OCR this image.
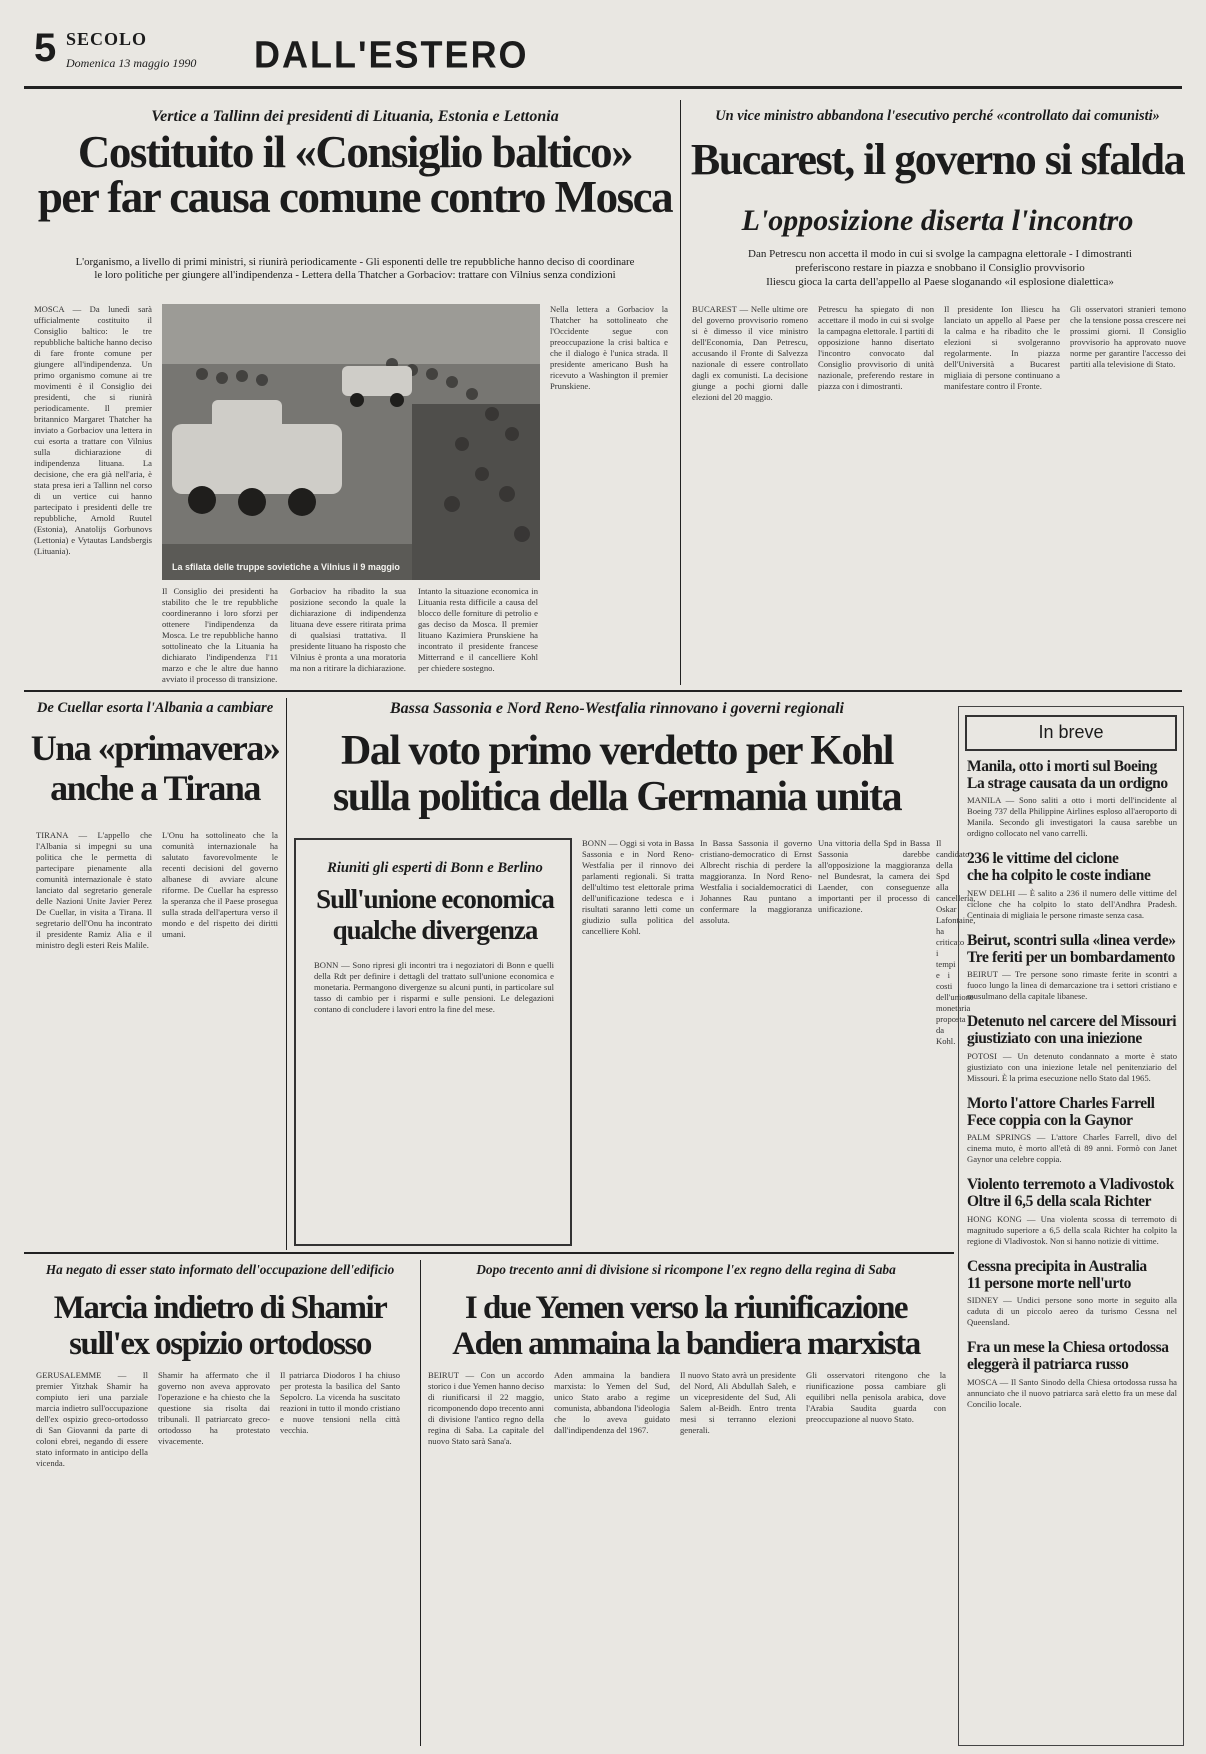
5 SECOLO
Domenica 13 maggio 1990 DALL'ESTERO
Vertice a Tallinn dei presidenti di Lituania, Estonia e Lettonia
Costituito il «Consiglio baltico»
per far causa comune contro Mosca
L'organismo, a livello di primi ministri, si riunirà periodicamente - Gli esponenti delle tre repubbliche hanno deciso di coordinare
le loro politiche per giungere all'indipendenza - Lettera della Thatcher a Gorbaciov: trattare con Vilnius senza condizioni
MOSCA — Da lunedì sarà ufficialmente costituito il Consiglio baltico: le tre repubbliche baltiche hanno deciso di fare fronte comune per giungere all'indipendenza. Un primo organismo comune ai tre movimenti è il Consiglio dei presidenti, che si riunirà periodicamente. Il premier britannico Margaret Thatcher ha inviato a Gorbaciov una lettera in cui esorta a trattare con Vilnius sulla dichiarazione di indipendenza lituana. La decisione, che era già nell'aria, è stata presa ieri a Tallinn nel corso di un vertice cui hanno partecipato i presidenti delle tre repubbliche, Arnold Ruutel (Estonia), Anatolijs Gorbunovs (Lettonia) e Vytautas Landsbergis (Lituania).
La sfilata delle truppe sovietiche a Vilnius il 9 maggio
Il Consiglio dei presidenti ha stabilito che le tre repubbliche coordineranno i loro sforzi per ottenere l'indipendenza da Mosca. Le tre repubbliche hanno sottolineato che la Lituania ha dichiarato l'indipendenza l'11 marzo e che le altre due hanno avviato il processo di transizione.
Gorbaciov ha ribadito la sua posizione secondo la quale la dichiarazione di indipendenza lituana deve essere ritirata prima di qualsiasi trattativa. Il presidente lituano ha risposto che Vilnius è pronta a una moratoria ma non a ritirare la dichiarazione.
Intanto la situazione economica in Lituania resta difficile a causa del blocco delle forniture di petrolio e gas deciso da Mosca. Il premier lituano Kazimiera Prunskiene ha incontrato il presidente francese Mitterrand e il cancelliere Kohl per chiedere sostegno.
Nella lettera a Gorbaciov la Thatcher ha sottolineato che l'Occidente segue con preoccupazione la crisi baltica e che il dialogo è l'unica strada. Il presidente americano Bush ha ricevuto a Washington il premier Prunskiene.
Un vice ministro abbandona l'esecutivo perché «controllato dai comunisti»
Bucarest, il governo si sfalda
L'opposizione diserta l'incontro
Dan Petrescu non accetta il modo in cui si svolge la campagna elettorale - I dimostranti
preferiscono restare in piazza e snobbano il Consiglio provvisorio
Iliescu gioca la carta dell'appello al Paese sloganando «il esplosione dialettica»
BUCAREST — Nelle ultime ore del governo provvisorio romeno si è dimesso il vice ministro dell'Economia, Dan Petrescu, accusando il Fronte di Salvezza nazionale di essere controllato dagli ex comunisti. La decisione giunge a pochi giorni dalle elezioni del 20 maggio.
Petrescu ha spiegato di non accettare il modo in cui si svolge la campagna elettorale. I partiti di opposizione hanno disertato l'incontro convocato dal Consiglio provvisorio di unità nazionale, preferendo restare in piazza con i dimostranti.
Il presidente Ion Iliescu ha lanciato un appello al Paese per la calma e ha ribadito che le elezioni si svolgeranno regolarmente. In piazza dell'Università a Bucarest migliaia di persone continuano a manifestare contro il Fronte.
Gli osservatori stranieri temono che la tensione possa crescere nei prossimi giorni. Il Consiglio provvisorio ha approvato nuove norme per garantire l'accesso dei partiti alla televisione di Stato.
De Cuellar esorta l'Albania a cambiare
Una «primavera»
anche a Tirana
TIRANA — L'appello che l'Albania si impegni su una politica che le permetta di partecipare pienamente alla comunità internazionale è stato lanciato dal segretario generale delle Nazioni Unite Javier Perez De Cuellar, in visita a Tirana. Il segretario dell'Onu ha incontrato il presidente Ramiz Alia e il ministro degli esteri Reis Malile.
L'Onu ha sottolineato che la comunità internazionale ha salutato favorevolmente le recenti decisioni del governo albanese di avviare alcune riforme. De Cuellar ha espresso la speranza che il Paese prosegua sulla strada dell'apertura verso il mondo e del rispetto dei diritti umani.
Bassa Sassonia e Nord Reno-Westfalia rinnovano i governi regionali
Dal voto primo verdetto per Kohl
sulla politica della Germania unita
Riuniti gli esperti di Bonn e Berlino
Sull'unione economica
qualche divergenza
BONN — Sono ripresi gli incontri tra i negoziatori di Bonn e quelli della Rdt per definire i dettagli del trattato sull'unione economica e monetaria. Permangono divergenze su alcuni punti, in particolare sul tasso di cambio per i risparmi e sulle pensioni. Le delegazioni contano di concludere i lavori entro la fine del mese.
BONN — Oggi si vota in Bassa Sassonia e in Nord Reno-Westfalia per il rinnovo dei parlamenti regionali. Si tratta dell'ultimo test elettorale prima dell'unificazione tedesca e i risultati saranno letti come un giudizio sulla politica del cancelliere Kohl.
In Bassa Sassonia il governo cristiano-democratico di Ernst Albrecht rischia di perdere la maggioranza. In Nord Reno-Westfalia i socialdemocratici di Johannes Rau puntano a confermare la maggioranza assoluta.
Una vittoria della Spd in Bassa Sassonia darebbe all'opposizione la maggioranza nel Bundesrat, la camera dei Laender, con conseguenze importanti per il processo di unificazione.
Il candidato della Spd alla cancelleria, Oskar Lafontaine, ha criticato i tempi e i costi dell'unione monetaria proposta da Kohl.
In breve
Manila, otto i morti sul Boeing
La strage causata da un ordigno
MANILA — Sono saliti a otto i morti dell'incidente al Boeing 737 della Philippine Airlines esploso all'aeroporto di Manila. Secondo gli investigatori la causa sarebbe un ordigno collocato nel vano carrelli.
236 le vittime del ciclone
che ha colpito le coste indiane
NEW DELHI — È salito a 236 il numero delle vittime del ciclone che ha colpito lo stato dell'Andhra Pradesh. Centinaia di migliaia le persone rimaste senza casa.
Beirut, scontri sulla «linea verde»
Tre feriti per un bombardamento
BEIRUT — Tre persone sono rimaste ferite in scontri a fuoco lungo la linea di demarcazione tra i settori cristiano e musulmano della capitale libanese.
Detenuto nel carcere del Missouri
giustiziato con una iniezione
POTOSI — Un detenuto condannato a morte è stato giustiziato con una iniezione letale nel penitenziario del Missouri. È la prima esecuzione nello Stato dal 1965.
Morto l'attore Charles Farrell
Fece coppia con la Gaynor
PALM SPRINGS — L'attore Charles Farrell, divo del cinema muto, è morto all'età di 89 anni. Formò con Janet Gaynor una celebre coppia.
Violento terremoto a Vladivostok
Oltre il 6,5 della scala Richter
HONG KONG — Una violenta scossa di terremoto di magnitudo superiore a 6,5 della scala Richter ha colpito la regione di Vladivostok. Non si hanno notizie di vittime.
Cessna precipita in Australia
11 persone morte nell'urto
SIDNEY — Undici persone sono morte in seguito alla caduta di un piccolo aereo da turismo Cessna nel Queensland.
Fra un mese la Chiesa ortodossa
eleggerà il patriarca russo
MOSCA — Il Santo Sinodo della Chiesa ortodossa russa ha annunciato che il nuovo patriarca sarà eletto fra un mese dal Concilio locale.
Ha negato di esser stato informato dell'occupazione dell'edificio
Marcia indietro di Shamir
sull'ex ospizio ortodosso
GERUSALEMME — Il premier Yitzhak Shamir ha compiuto ieri una parziale marcia indietro sull'occupazione dell'ex ospizio greco-ortodosso di San Giovanni da parte di coloni ebrei, negando di essere stato informato in anticipo della vicenda.
Shamir ha affermato che il governo non aveva approvato l'operazione e ha chiesto che la questione sia risolta dai tribunali. Il patriarcato greco-ortodosso ha protestato vivacemente.
Il patriarca Diodoros I ha chiuso per protesta la basilica del Santo Sepolcro. La vicenda ha suscitato reazioni in tutto il mondo cristiano e nuove tensioni nella città vecchia.
Dopo trecento anni di divisione si ricompone l'ex regno della regina di Saba
I due Yemen verso la riunificazione
Aden ammaina la bandiera marxista
BEIRUT — Con un accordo storico i due Yemen hanno deciso di riunificarsi il 22 maggio, ricomponendo dopo trecento anni di divisione l'antico regno della regina di Saba. La capitale del nuovo Stato sarà Sana'a.
Aden ammaina la bandiera marxista: lo Yemen del Sud, unico Stato arabo a regime comunista, abbandona l'ideologia che lo aveva guidato dall'indipendenza del 1967.
Il nuovo Stato avrà un presidente del Nord, Ali Abdullah Saleh, e un vicepresidente del Sud, Ali Salem al-Beidh. Entro trenta mesi si terranno elezioni generali.
Gli osservatori ritengono che la riunificazione possa cambiare gli equilibri nella penisola arabica, dove l'Arabia Saudita guarda con preoccupazione al nuovo Stato.
